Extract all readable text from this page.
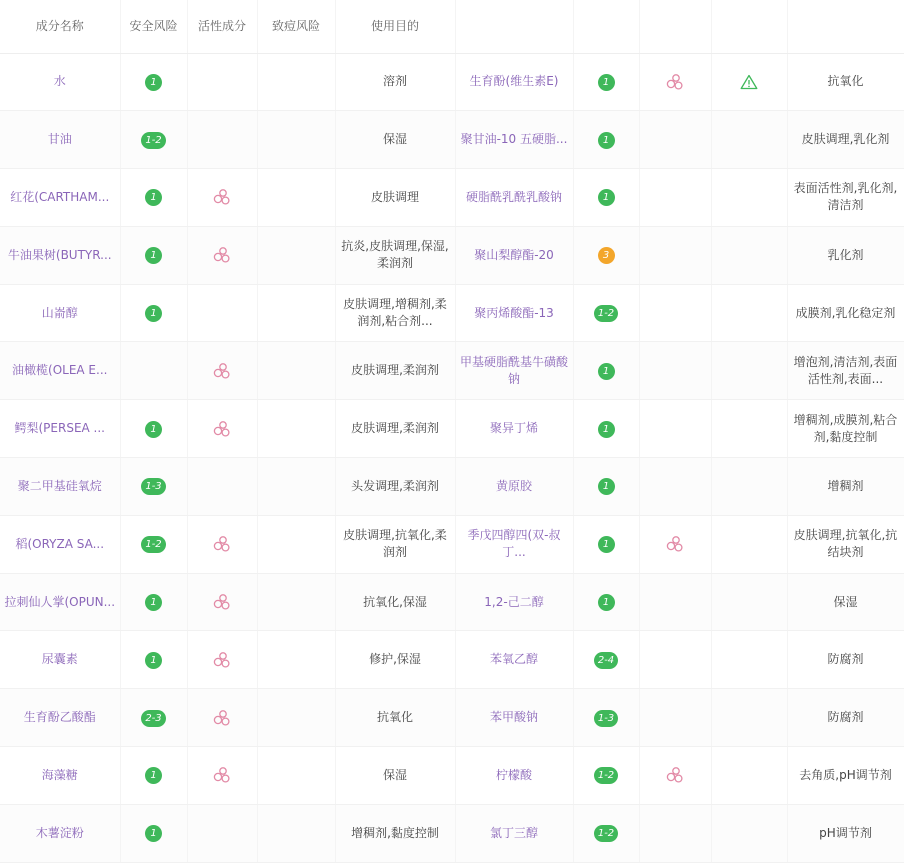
成分名称	安全风险	活性成分	致痘风险	使用目的					
水	1			溶剂	生育酚(维生素E)	1			抗氧化
甘油	1-2			保湿	聚甘油-10 五硬脂...	1			皮肤调理,乳化剂
红花(CARTHAM...	1			皮肤调理	硬脂酰乳酰乳酸钠	1			表面活性剂,乳化剂,清洁剂
牛油果树(BUTYR...	1			抗炎,皮肤调理,保湿,柔润剂	聚山梨醇酯-20	3			乳化剂
山嵛醇	1			皮肤调理,增稠剂,柔润剂,粘合剂...	聚丙烯酸酯-13	1-2			成膜剂,乳化稳定剂
油橄榄(OLEA E...				皮肤调理,柔润剂	甲基硬脂酰基牛磺酸钠	1			增泡剂,清洁剂,表面活性剂,表面...
鳄梨(PERSEA ...	1			皮肤调理,柔润剂	聚异丁烯	1			增稠剂,成膜剂,粘合剂,黏度控制
聚二甲基硅氧烷	1-3			头发调理,柔润剂	黄原胶	1			增稠剂
稻(ORYZA SA...	1-2			皮肤调理,抗氧化,柔润剂	季戊四醇四(双-叔丁...	1			皮肤调理,抗氧化,抗结块剂
拉刺仙人掌(OPUN...	1			抗氧化,保湿	1,2-己二醇	1			保湿
尿囊素	1			修护,保湿	苯氧乙醇	2-4			防腐剂
生育酚乙酸酯	2-3			抗氧化	苯甲酸钠	1-3			防腐剂
海藻糖	1			保湿	柠檬酸	1-2			去角质,pH调节剂
木薯淀粉	1			增稠剂,黏度控制	氯丁三醇	1-2			pH调节剂
